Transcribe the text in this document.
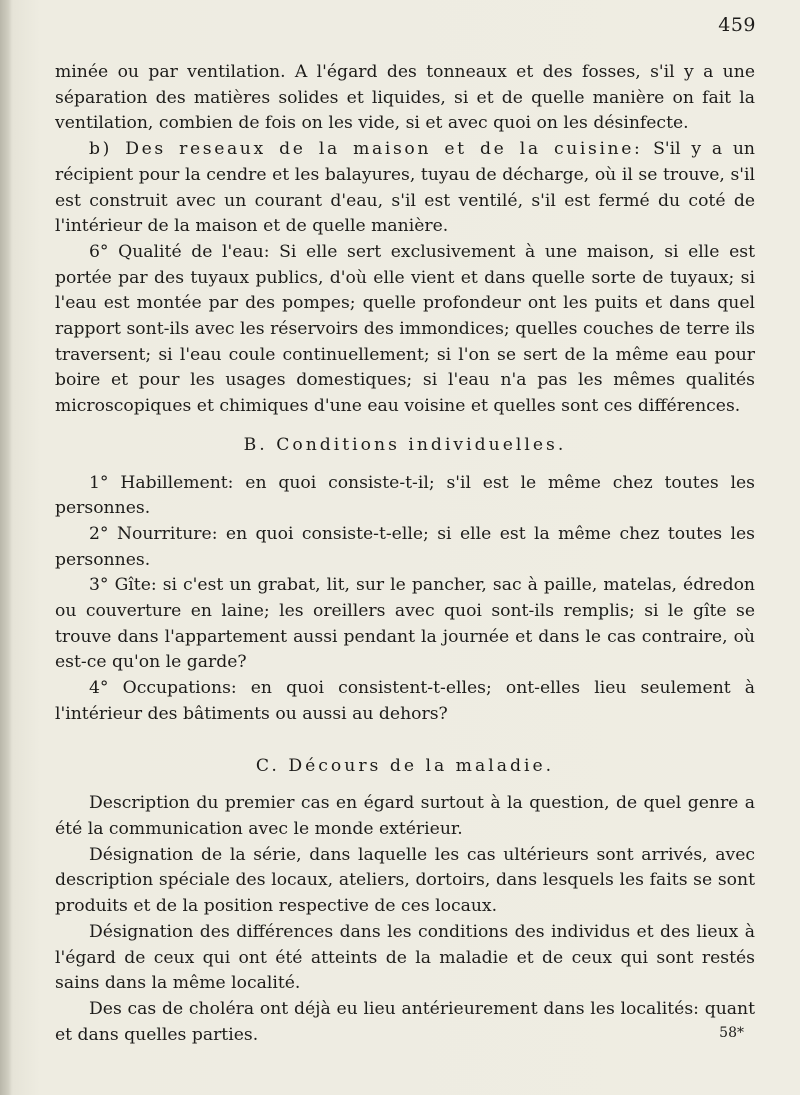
459

minée ou par ventilation. A l'égard des tonneaux et des fosses, s'il y a une séparation des matières solides et liquides, si et de quelle manière on fait la ventilation, combien de fois on les vide, si et avec quoi on les désinfecte.

b) Des reseaux de la maison et de la cuisine: S'il y a un récipient pour la cendre et les balayures, tuyau de décharge, où il se trouve, s'il est construit avec un courant d'eau, s'il est ventilé, s'il est fermé du coté de l'intérieur de la maison et de quelle manière.

6° Qualité de l'eau: Si elle sert exclusivement à une maison, si elle est portée par des tuyaux publics, d'où elle vient et dans quelle sorte de tuyaux; si l'eau est montée par des pompes; quelle profondeur ont les puits et dans quel rapport sont-ils avec les réservoirs des immondices; quelles couches de terre ils traversent; si l'eau coule continuellement; si l'on se sert de la même eau pour boire et pour les usages domestiques; si l'eau n'a pas les mêmes qualités microscopiques et chimiques d'une eau voisine et quelles sont ces différences.

B. Conditions individuelles.

1° Habillement: en quoi consiste-t-il; s'il est le même chez toutes les personnes.

2° Nourriture: en quoi consiste-t-elle; si elle est la même chez toutes les personnes.

3° Gîte: si c'est un grabat, lit, sur le pancher, sac à paille, matelas, édredon ou couverture en laine; les oreillers avec quoi sont-ils remplis; si le gîte se trouve dans l'appartement aussi pendant la journée et dans le cas contraire, où est-ce qu'on le garde?

4° Occupations: en quoi consistent-t-elles; ont-elles lieu seulement à l'intérieur des bâtiments ou aussi au dehors?

C. Décours de la maladie.

Description du premier cas en égard surtout à la question, de quel genre a été la communication avec le monde extérieur.

Désignation de la série, dans laquelle les cas ultérieurs sont arrivés, avec description spéciale des locaux, ateliers, dortoirs, dans lesquels les faits se sont produits et de la position respective de ces locaux.

Désignation des différences dans les conditions des individus et des lieux à l'égard de ceux qui ont été atteints de la maladie et de ceux qui sont restés sains dans la même localité.

Des cas de choléra ont déjà eu lieu antérieurement dans les localités: quant et dans quelles parties.	58*
